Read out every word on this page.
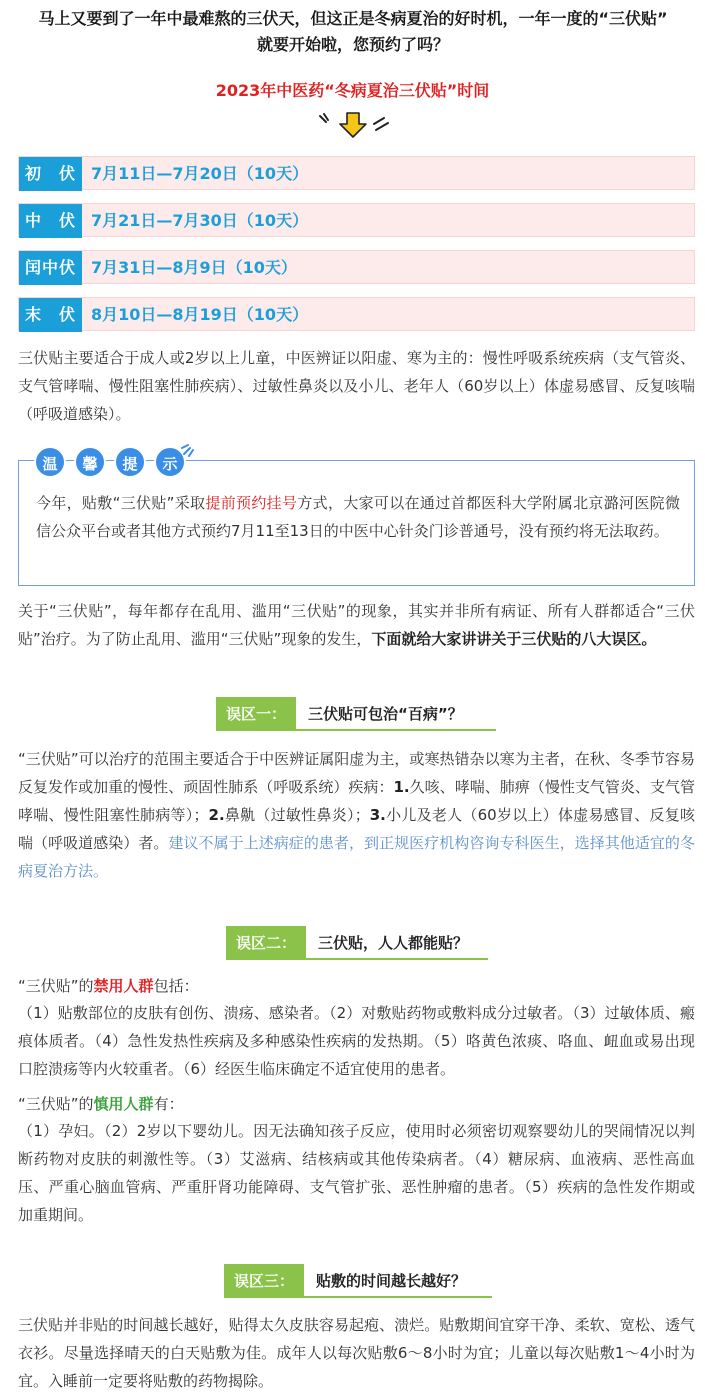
马上又要到了一年中最难熬的三伏天，但这正是冬病夏治的好时机，一年一度的“三伏贴”
就要开始啦，您预约了吗？
2023年中医药“冬病夏治三伏贴”时间
初　伏 7月11日—7月20日（10天）
中　伏 7月21日—7月30日（10天）
闰中伏 7月31日—8月9日（10天）
末　伏 8月10日—8月19日（10天）
三伏贴主要适合于成人或2岁以上儿童，中医辨证以阳虚、寒为主的：慢性呼吸系统疾病（支气管炎、支气管哮喘、慢性阻塞性肺疾病）、过敏性鼻炎以及小儿、老年人（60岁以上）体虚易感冒、反复咳喘（呼吸道感染）。
温	馨	提	示
今年，贴敷“三伏贴”采取提前预约挂号方式，大家可以在通过首都医科大学附属北京潞河医院微信公众平台或者其他方式预约7月11至13日的中医中心针灸门诊普通号，没有预约将无法取药。
关于“三伏贴”，每年都存在乱用、滥用“三伏贴”的现象，其实并非所有病证、所有人群都适合“三伏贴”治疗。为了防止乱用、滥用“三伏贴”现象的发生，下面就给大家讲讲关于三伏贴的八大误区。
误区一：	三伏贴可包治“百病”？
“三伏贴”可以治疗的范围主要适合于中医辨证属阳虚为主，或寒热错杂以寒为主者，在秋、冬季节容易反复发作或加重的慢性、顽固性肺系（呼吸系统）疾病：1.久咳、哮喘、肺痹（慢性支气管炎、支气管哮喘、慢性阻塞性肺病等）；2.鼻鼽（过敏性鼻炎）；3.小儿及老人（60岁以上）体虚易感冒、反复咳喘（呼吸道感染）者。建议不属于上述病症的患者，到正规医疗机构咨询专科医生，选择其他适宜的冬病夏治方法。
误区二：	三伏贴，人人都能贴？
“三伏贴”的禁用人群包括：
（1）贴敷部位的皮肤有创伤、溃疡、感染者。（2）对敷贴药物或敷料成分过敏者。（3）过敏体质、瘢痕体质者。（4）急性发热性疾病及多种感染性疾病的发热期。（5）咯黄色浓痰、咯血、衄血或易出现口腔溃疡等内火较重者。（6）经医生临床确定不适宜使用的患者。
“三伏贴”的慎用人群有：
（1）孕妇。（2）2岁以下婴幼儿。因无法确知孩子反应，使用时必须密切观察婴幼儿的哭闹情况以判断药物对皮肤的刺激性等。（3）艾滋病、结核病或其他传染病者。（4）糖尿病、血液病、恶性高血压、严重心脑血管病、严重肝肾功能障碍、支气管扩张、恶性肿瘤的患者。（5）疾病的急性发作期或加重期间。
误区三：	贴敷的时间越长越好？
三伏贴并非贴的时间越长越好，贴得太久皮肤容易起疱、溃烂。贴敷期间宜穿干净、柔软、宽松、透气衣衫。尽量选择晴天的白天贴敷为佳。成年人以每次贴敷6～8小时为宜；儿童以每次贴敷1～4小时为宜。入睡前一定要将贴敷的药物揭除。
